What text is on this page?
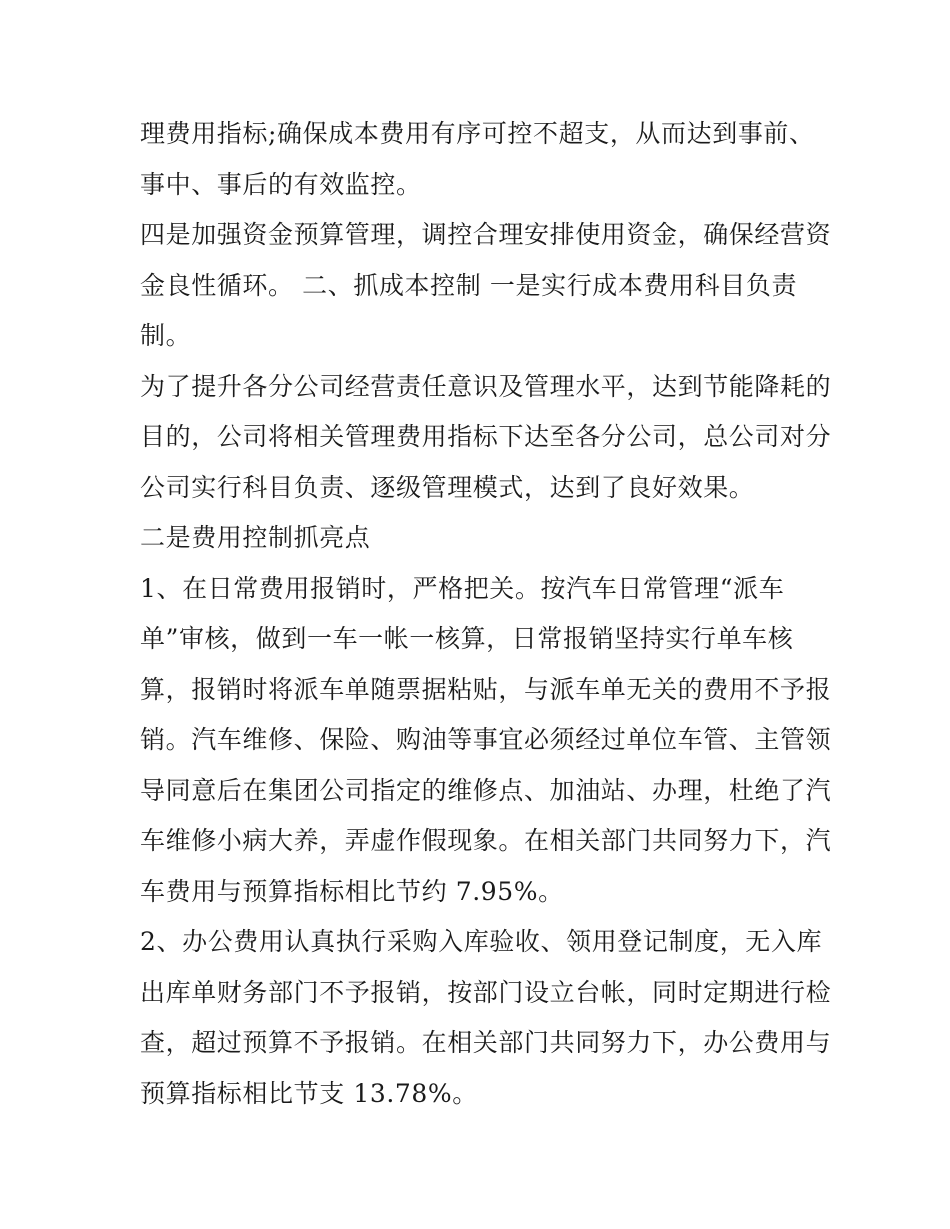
理费用指标;确保成本费用有序可控不超支，从而达到事前、

事中、事后的有效监控。

四是加强资金预算管理，调控合理安排使用资金，确保经营资

金良性循环。 二、抓成本控制 一是实行成本费用科目负责

制。

为了提升各分公司经营责任意识及管理水平，达到节能降耗的

目的，公司将相关管理费用指标下达至各分公司，总公司对分

公司实行科目负责、逐级管理模式，达到了良好效果。

二是费用控制抓亮点

1、在日常费用报销时，严格把关。按汽车日常管理“派车

单”审核，做到一车一帐一核算，日常报销坚持实行单车核

算，报销时将派车单随票据粘贴，与派车单无关的费用不予报

销。汽车维修、保险、购油等事宜必须经过单位车管、主管领

导同意后在集团公司指定的维修点、加油站、办理，杜绝了汽

车维修小病大养，弄虚作假现象。在相关部门共同努力下，汽

车费用与预算指标相比节约 7.95%。

2、办公费用认真执行采购入库验收、领用登记制度，无入库

出库单财务部门不予报销，按部门设立台帐，同时定期进行检

查，超过预算不予报销。在相关部门共同努力下，办公费用与

预算指标相比节支 13.78%。
